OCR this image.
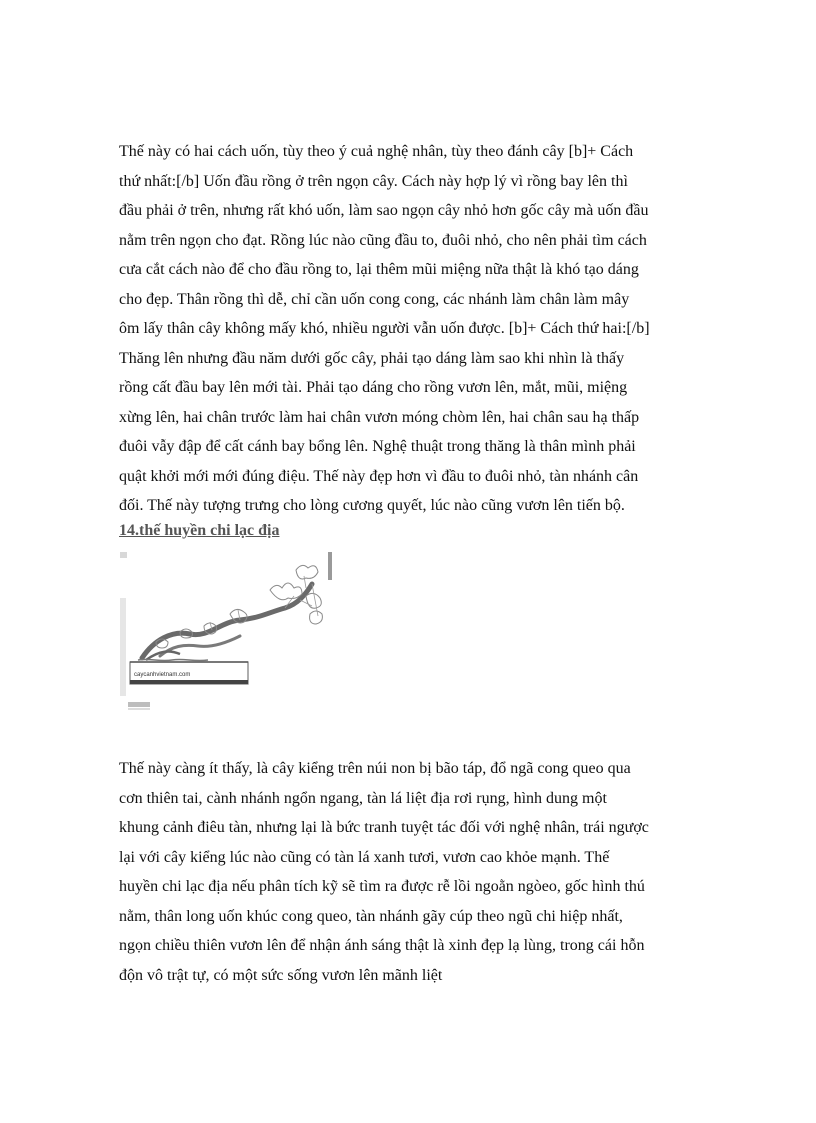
Thế này có hai cách uốn, tùy theo ý cuả nghệ nhân, tùy theo đánh cây [b]+ Cách
thứ nhất:[/b] Uốn đầu rồng ở trên ngọn cây. Cách này hợp lý vì rồng bay lên thì
đầu phải ở trên, nhưng rất khó uốn, làm sao ngọn cây nhỏ hơn gốc cây mà uốn đầu
nằm trên ngọn cho đạt. Rồng lúc nào cũng đầu to, đuôi nhỏ, cho nên phải tìm cách
cưa cắt cách nào để cho đầu rồng to, lại thêm mũi miệng nữa thật là khó tạo dáng
cho đẹp. Thân rồng thì dễ, chỉ cần uốn cong cong, các nhánh làm chân làm mây
ôm lấy thân cây không mấy khó, nhiều người vẫn uốn được. [b]+ Cách thứ hai:[/b]
Thăng lên nhưng đầu năm dưới gốc cây, phải tạo dáng làm sao khi nhìn là thấy
rồng cất đầu bay lên mới tài. Phải tạo dáng cho rồng vươn lên, mắt, mũi, miệng
xừng lên, hai chân trước làm hai chân vươn móng chòm lên, hai chân sau hạ thấp
đuôi vẫy đập để cất cánh bay bổng lên. Nghệ thuật trong thăng là thân mình phải
quật khởi mới mới đúng điệu. Thế này đẹp hơn vì đầu to đuôi nhỏ, tàn nhánh cân
đối. Thế này tượng trưng cho lòng cương quyết, lúc nào cũng vươn lên tiến bộ.

14.thế huyền chi lạc địa

caycanhvietnam.com

Thế này càng ít thấy, là cây kiểng trên núi non bị bão táp, đổ ngã cong queo qua
cơn thiên tai, cành nhánh ngổn ngang, tàn lá liệt địa rơi rụng, hình dung một
khung cảnh điêu tàn, nhưng lại là bức tranh tuyệt tác đối với nghệ nhân, trái ngược
lại với cây kiểng lúc nào cũng có tàn lá xanh tươi, vươn cao khỏe mạnh. Thế
huyền chi lạc địa nếu phân tích kỹ sẽ tìm ra được rễ lồi ngoằn ngòeo, gốc hình thú
nằm, thân long uốn khúc cong queo, tàn nhánh gãy cúp theo ngũ chi hiệp nhất,
ngọn chiều thiên vươn lên để nhận ánh sáng thật là xinh đẹp lạ lùng, trong cái hỗn
độn vô trật tự, có một sức sống vươn lên mãnh liệt
